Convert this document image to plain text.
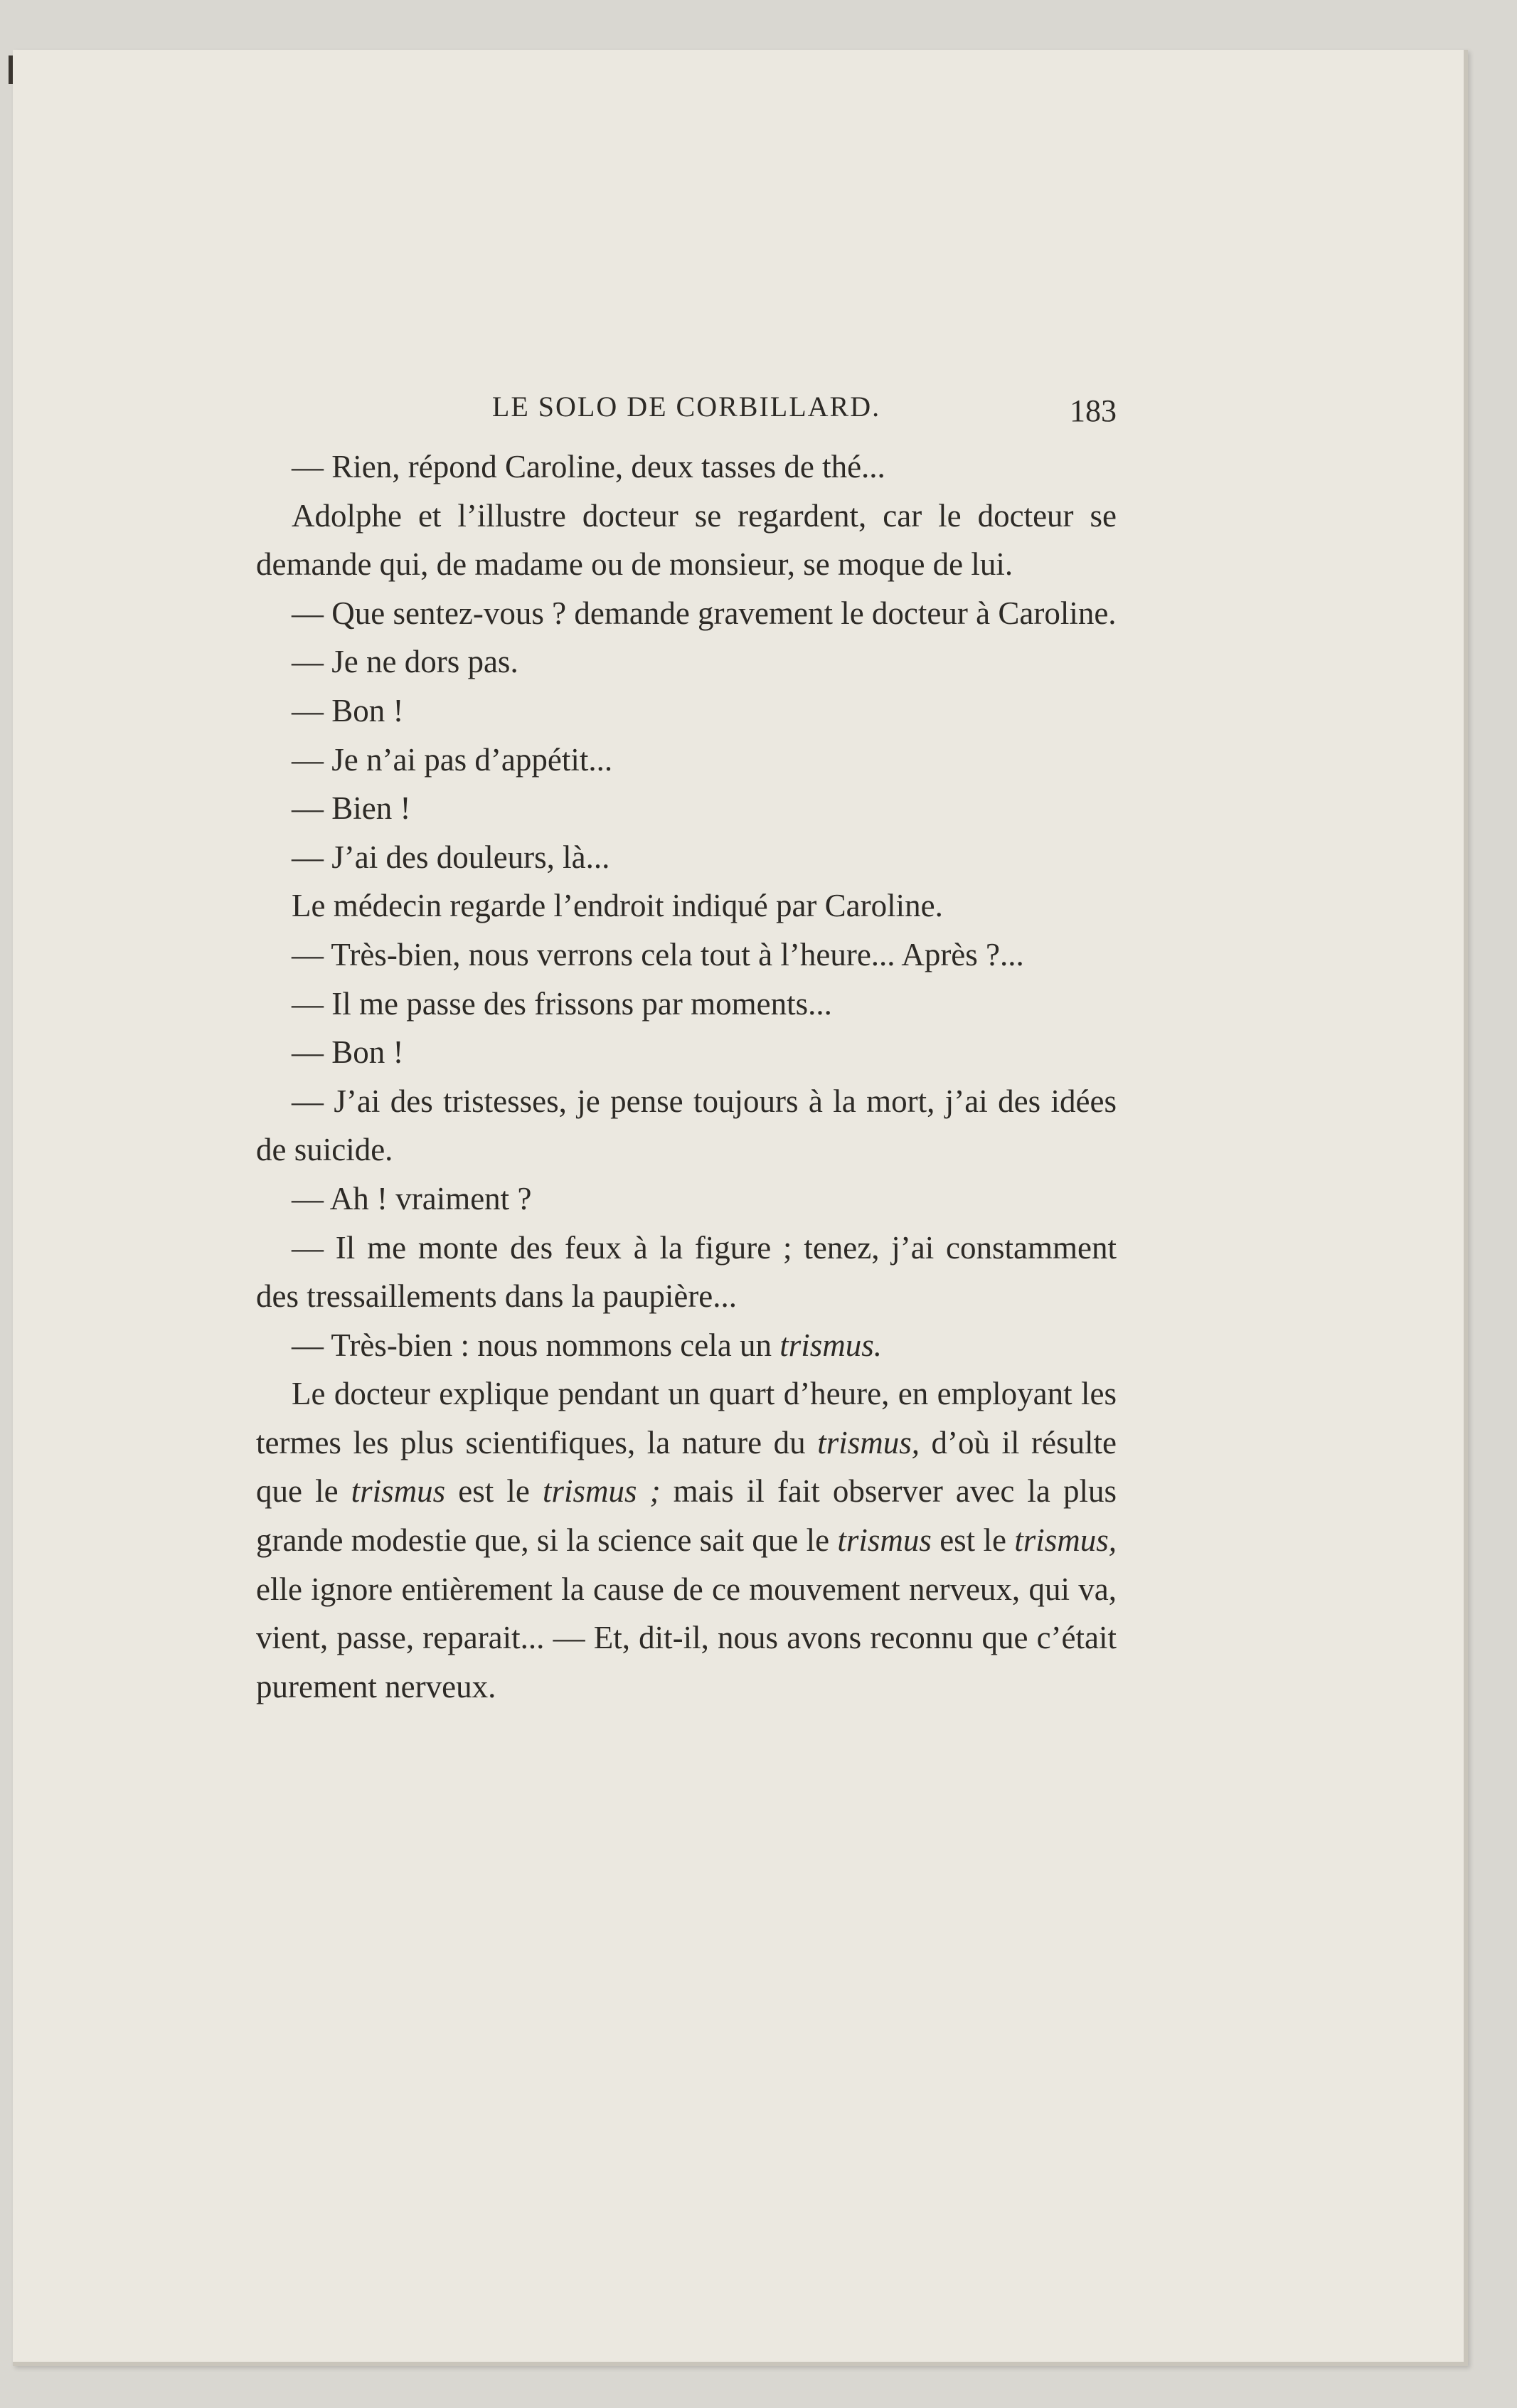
LE SOLO DE CORBILLARD.	183

— Rien, répond Caroline, deux tasses de thé...

Adolphe et l’illustre docteur se regardent, car le docteur se demande qui, de madame ou de monsieur, se moque de lui.

— Que sentez-vous ? demande gravement le docteur à Caroline.

— Je ne dors pas.

— Bon !

— Je n’ai pas d’appétit...

— Bien !

— J’ai des douleurs, là...

Le médecin regarde l’endroit indiqué par Caroline.

— Très-bien, nous verrons cela tout à l’heure... Après ?...

— Il me passe des frissons par moments...

— Bon !

— J’ai des tristesses, je pense toujours à la mort, j’ai des idées de suicide.

— Ah ! vraiment ?

— Il me monte des feux à la figure ; tenez, j’ai constamment des tressaillements dans la paupière...

— Très-bien : nous nommons cela un trismus.

Le docteur explique pendant un quart d’heure, en employant les termes les plus scientifiques, la nature du trismus, d’où il résulte que le trismus est le trismus ; mais il fait observer avec la plus grande modestie que, si la science sait que le trismus est le trismus, elle ignore entièrement la cause de ce mouvement nerveux, qui va, vient, passe, reparait... — Et, dit-il, nous avons reconnu que c’était purement nerveux.
